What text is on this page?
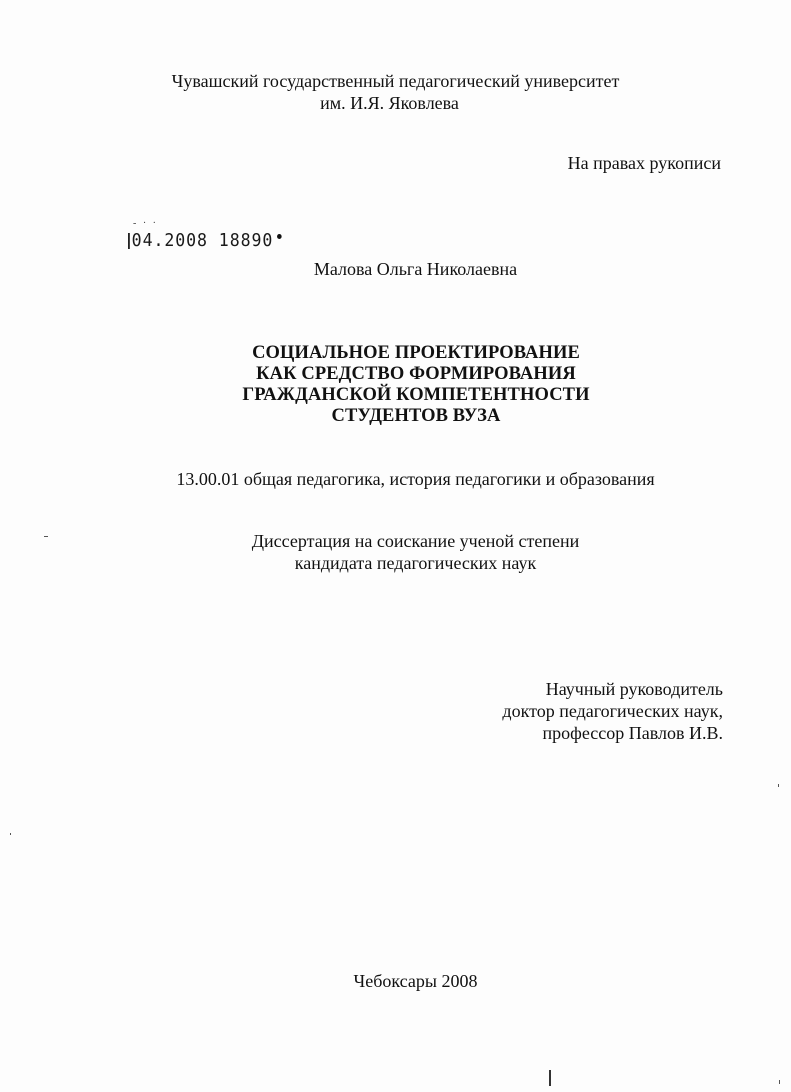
Чувашский государственный педагогический университет
им. И.Я. Яковлева
На правах рукописи
- · ·
04.2008 18890
Малова Ольга Николаевна
СОЦИАЛЬНОЕ ПРОЕКТИРОВАНИЕ
КАК СРЕДСТВО ФОРМИРОВАНИЯ
ГРАЖДАНСКОЙ КОМПЕТЕНТНОСТИ
СТУДЕНТОВ ВУЗА
13.00.01 общая педагогика, история педагогики и образования
Диссертация на соискание ученой степени
кандидата педагогических наук
Научный руководитель
доктор педагогических наук,
профессор Павлов И.В.
Чебоксары 2008
